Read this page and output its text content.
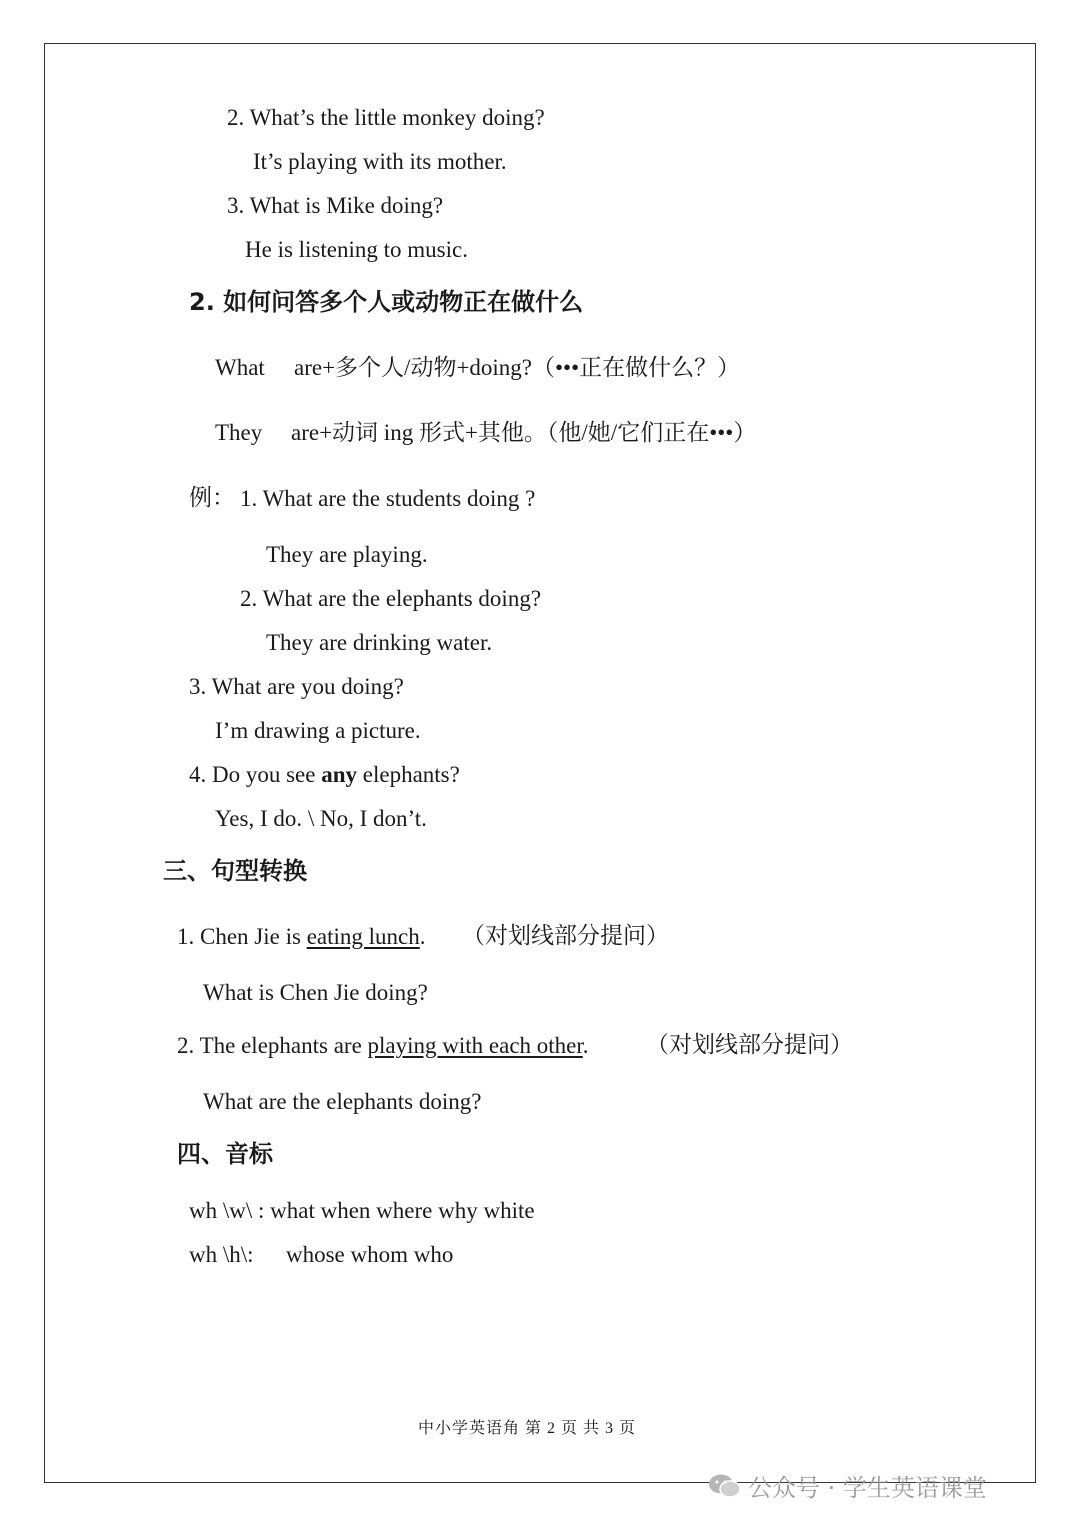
2. What’s the little monkey doing?
It’s playing with its mother.
3. What is Mike doing?
He is listening to music.
2. 如何问答多个人或动物正在做什么
What are+多个人/动物+doing?（•••正在做什么？）
They are+动词 ing 形式+其他。（他/她/它们正在•••）
例： 1. What are the students doing ?
They are playing.
2. What are the elephants doing?
They are drinking water.
3. What are you doing?
I’m drawing a picture.
4. Do you see any elephants?
Yes, I do. \ No, I don’t.
三、句型转换
1. Chen Jie is eating lunch. （对划线部分提问）
What is Chen Jie doing?
2. The elephants are playing with each other. （对划线部分提问）
What are the elephants doing?
四、音标
wh \w\ : what when where why white
wh \h\: whose whom who
中小学英语角 第 2 页 共 3 页
公众号 · 学生英语课堂
